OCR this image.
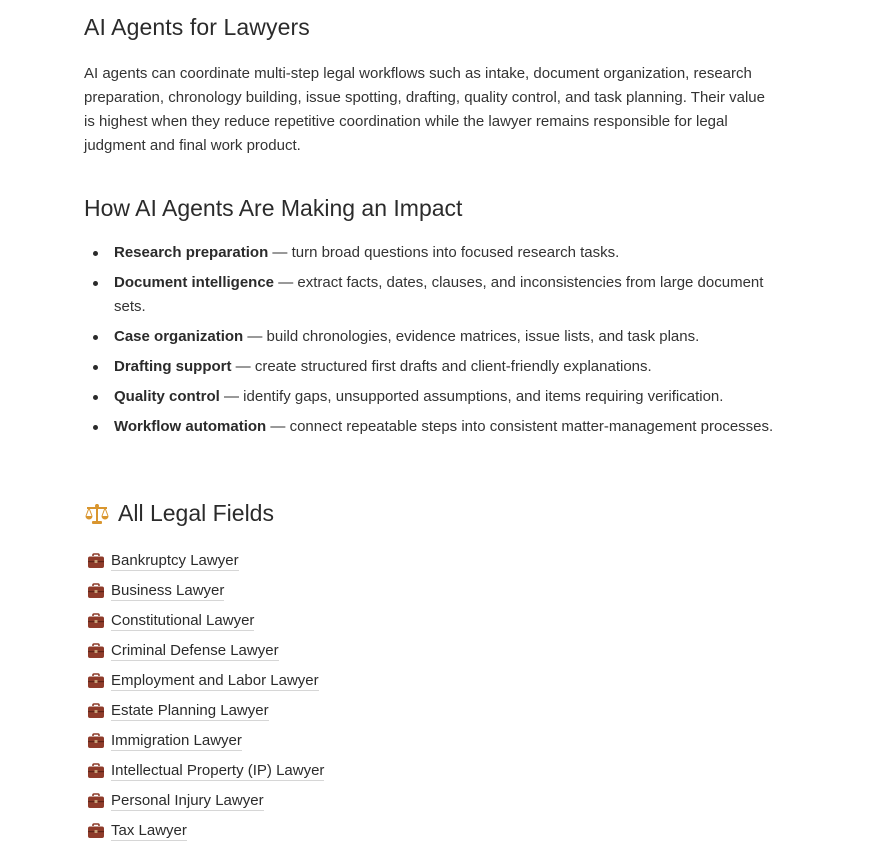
AI Agents for Lawyers

AI agents can coordinate multi-step legal workflows such as intake, document organization, research preparation, chronology building, issue spotting, drafting, quality control, and task planning. Their value is highest when they reduce repetitive coordination while the lawyer remains responsible for legal judgment and final work product.

How AI Agents Are Making an Impact
Research preparation — turn broad questions into focused research tasks.
Document intelligence — extract facts, dates, clauses, and inconsistencies from large document sets.
Case organization — build chronologies, evidence matrices, issue lists, and task plans.
Drafting support — create structured first drafts and client-friendly explanations.
Quality control — identify gaps, unsupported assumptions, and items requiring verification.
Workflow automation — connect repeatable steps into consistent matter-management processes.
All Legal Fields
Bankruptcy Lawyer
Business Lawyer
Constitutional Lawyer
Criminal Defense Lawyer
Employment and Labor Lawyer
Estate Planning Lawyer
Immigration Lawyer
Intellectual Property (IP) Lawyer
Personal Injury Lawyer
Tax Lawyer
